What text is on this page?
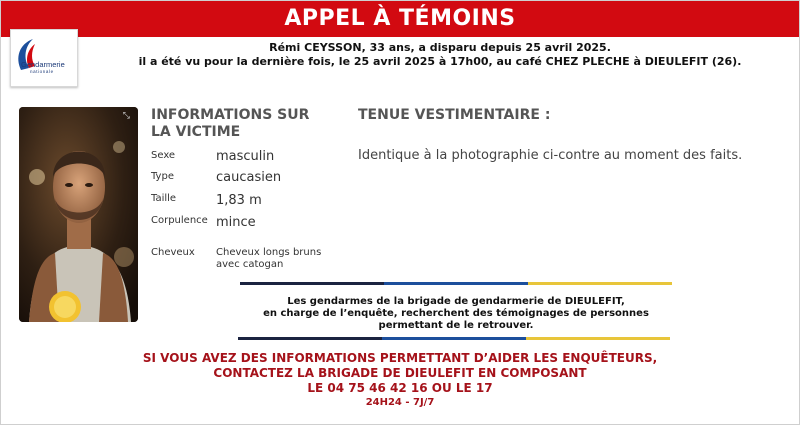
APPEL À TÉMOINS
Gendarmerie
nationale
Rémi CEYSSON, 33 ans, a disparu depuis 25 avril 2025.
il a été vu pour la dernière fois, le 25 avril 2025 à 17h00, au café CHEZ PLECHE à DIEULEFIT (26).
⤡ INFORMATIONS SUR LA VICTIME
Sexe	masculin
Type	caucasien
Taille	1,83 m
Corpulence mince
Cheveux	Cheveux longs bruns avec catogan
TENUE VESTIMENTAIRE :
Identique à la photographie ci-contre au moment des faits.
Les gendarmes de la brigade de gendarmerie de DIEULEFIT,
en charge de l’enquête, recherchent des témoignages de personnes
permettant de le retrouver.
SI VOUS AVEZ DES INFORMATIONS PERMETTANT D’AIDER LES ENQUÊTEURS,
CONTACTEZ LA BRIGADE DE DIEULEFIT EN COMPOSANT
LE 04 75 46 42 16 OU LE 17
24H24 - 7J/7
